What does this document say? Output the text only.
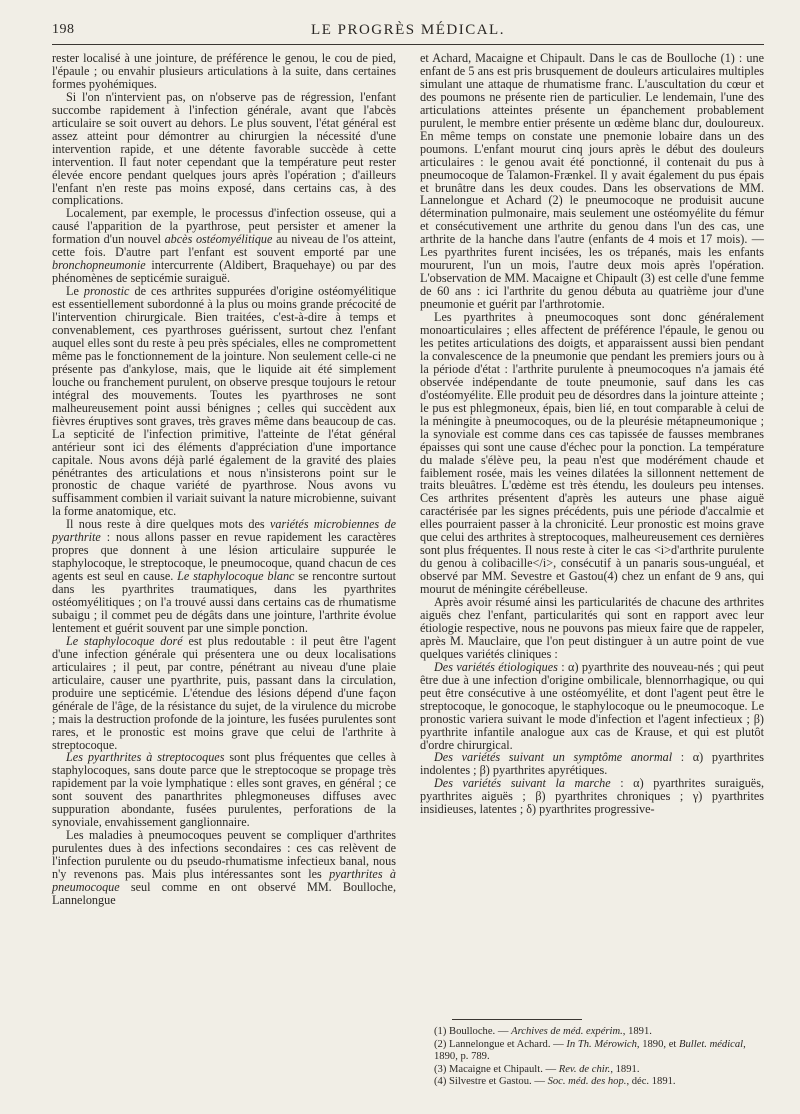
198	LE PROGRÈS MÉDICAL.

rester localisé à une jointure, de préférence le genou, le cou de pied, l'épaule ; ou envahir plusieurs articulations à la suite, dans certaines formes pyohémiques.

Si l'on n'intervient pas, on n'observe pas de régression, l'enfant succombe rapidement à l'infection générale, avant que l'abcès articulaire se soit ouvert au dehors. Le plus souvent, l'état général est assez atteint pour démontrer au chirurgien la nécessité d'une intervention rapide, et une détente favorable succède à cette intervention. Il faut noter cependant que la température peut rester élevée encore pendant quelques jours après l'opération ; d'ailleurs l'enfant n'en reste pas moins exposé, dans certains cas, à des complications.

Localement, par exemple, le processus d'infection osseuse, qui a causé l'apparition de la pyarthrose, peut persister et amener la formation d'un nouvel abcès ostéomyélitique au niveau de l'os atteint, cette fois. D'autre part l'enfant est souvent emporté par une bronchopneumonie intercurrente (Aldibert, Braquehaye) ou par des phénomènes de septicémie suraiguë.

Le pronostic de ces arthrites suppurées d'origine ostéomyélitique est essentiellement subordonné à la plus ou moins grande précocité de l'intervention chirurgicale. Bien traitées, c'est-à-dire à temps et convenablement, ces pyarthroses guérissent, surtout chez l'enfant auquel elles sont du reste à peu près spéciales, elles ne compromettent même pas le fonctionnement de la jointure. Non seulement celle-ci ne présente pas d'ankylose, mais, que le liquide ait été simplement louche ou franchement purulent, on observe presque toujours le retour intégral des mouvements. Toutes les pyarthroses ne sont malheureusement point aussi bénignes ; celles qui succèdent aux fièvres éruptives sont graves, très graves même dans beaucoup de cas. La septicité de l'infection primitive, l'atteinte de l'état général antérieur sont ici des éléments d'appréciation d'une importance capitale. Nous avons déjà parlé également de la gravité des plaies pénétrantes des articulations et nous n'insisterons point sur le pronostic de chaque variété de pyarthrose. Nous avons vu suffisamment combien il variait suivant la nature microbienne, suivant la forme anatomique, etc.

Il nous reste à dire quelques mots des variétés microbiennes de pyarthrite : nous allons passer en revue rapidement les caractères propres que donnent à une lésion articulaire suppurée le staphylocoque, le streptocoque, le pneumocoque, quand chacun de ces agents est seul en cause. Le staphylocoque blanc se rencontre surtout dans les pyarthrites traumatiques, dans les pyarthrites ostéomyélitiques ; on l'a trouvé aussi dans certains cas de rhumatisme subaigu ; il commet peu de dégâts dans une jointure, l'arthrite évolue lentement et guérit souvent par une simple ponction.

Le staphylocoque doré est plus redoutable : il peut être l'agent d'une infection générale qui présentera une ou deux localisations articulaires ; il peut, par contre, pénétrant au niveau d'une plaie articulaire, causer une pyarthrite, puis, passant dans la circulation, produire une septicémie. L'étendue des lésions dépend d'une façon générale de l'âge, de la résistance du sujet, de la virulence du microbe ; mais la destruction profonde de la jointure, les fusées purulentes sont rares, et le pronostic est moins grave que celui de l'arthrite à streptocoque.

Les pyarthrites à streptocoques sont plus fréquentes que celles à staphylocoques, sans doute parce que le streptocoque se propage très rapidement par la voie lymphatique : elles sont graves, en général ; ce sont souvent des panarthrites phlegmoneuses diffuses avec suppuration abondante, fusées purulentes, perforations de la synoviale, envahissement ganglionnaire.

Les maladies à pneumocoques peuvent se compliquer d'arthrites purulentes dues à des infections secondaires : ces cas relèvent de l'infection purulente ou du pseudo-rhumatisme infectieux banal, nous n'y revenons pas. Mais plus intéressantes sont les pyarthrites à pneumocoque seul comme en ont observé MM. Boulloche, Lannelongue

et Achard, Macaigne et Chipault. Dans le cas de Boulloche (1) : une enfant de 5 ans est pris brusquement de douleurs articulaires multiples simulant une attaque de rhumatisme franc. L'auscultation du cœur et des poumons ne présente rien de particulier. Le lendemain, l'une des articulations atteintes présente un épanchement probablement purulent, le membre entier présente un œdème blanc dur, douloureux. En même temps on constate une pnemonie lobaire dans un des poumons. L'enfant mourut cinq jours après le début des douleurs articulaires : le genou avait été ponctionné, il contenait du pus à pneumocoque de Talamon-Frænkel. Il y avait également du pus épais et brunâtre dans les deux coudes. Dans les observations de MM. Lannelongue et Achard (2) le pneumocoque ne produisit aucune détermination pulmonaire, mais seulement une ostéomyélite du fémur et consécutivement une arthrite du genou dans l'un des cas, une arthrite de la hanche dans l'autre (enfants de 4 mois et 17 mois). — Les pyarthrites furent incisées, les os trépanés, mais les enfants moururent, l'un un mois, l'autre deux mois après l'opération. L'observation de MM. Macaigne et Chipault (3) est celle d'une femme de 60 ans : ici l'arthrite du genou débuta au quatrième jour d'une pneumonie et guérit par l'arthrotomie.

Les pyarthrites à pneumocoques sont donc généralement monoarticulaires ; elles affectent de préférence l'épaule, le genou ou les petites articulations des doigts, et apparaissent aussi bien pendant la convalescence de la pneumonie que pendant les premiers jours ou à la période d'état : l'arthrite purulente à pneumocoques n'a jamais été observée indépendante de toute pneumonie, sauf dans les cas d'ostéomyélite. Elle produit peu de désordres dans la jointure atteinte ; le pus est phlegmoneux, épais, bien lié, en tout comparable à celui de la méningite à pneumocoques, ou de la pleurésie métapneumonique ; la synoviale est comme dans ces cas tapissée de fausses membranes épaisses qui sont une cause d'échec pour la ponction. La température du malade s'élève peu, la peau n'est que modérément chaude et faiblement rosée, mais les veines dilatées la sillonnent nettement de traits bleuâtres. L'œdème est très étendu, les douleurs peu intenses. Ces arthrites présentent d'après les auteurs une phase aiguë caractérisée par les signes précédents, puis une période d'accalmie et elles pourraient passer à la chronicité. Leur pronostic est moins grave que celui des arthrites à streptocoques, malheureusement ces dernières sont plus fréquentes. Il nous reste à citer le cas <i>d'arthrite purulente du genou à colibacille</i>, consécutif à un panaris sous-unguéal, et observé par MM. Sevestre et Gastou(4) chez un enfant de 9 ans, qui mourut de méningite cérébelleuse.

Après avoir résumé ainsi les particularités de chacune des arthrites aiguës chez l'enfant, particularités qui sont en rapport avec leur étiologie respective, nous ne pouvons pas mieux faire que de rappeler, après M. Mauclaire, que l'on peut distinguer à un autre point de vue quelques variétés cliniques :

Des variétés étiologiques : α) pyarthrite des nouveau-nés ; qui peut être due à une infection d'origine ombilicale, blennorrhagique, ou qui peut être consécutive à une ostéomyélite, et dont l'agent peut être le streptocoque, le gonocoque, le staphylocoque ou le pneumocoque. Le pronostic variera suivant le mode d'infection et l'agent infectieux ; β) pyarthrite infantile analogue aux cas de Krause, et qui est plutôt d'ordre chirurgical.

Des variétés suivant un symptôme anormal : α) pyarthrites indolentes ; β) pyarthrites apyrétiques.

Des variétés suivant la marche : α) pyarthrites suraiguës, pyarthrites aiguës ; β) pyarthrites chroniques ; γ) pyarthrites insidieuses, latentes ; δ) pyarthrites progressive-

(1) Boulloche. — Archives de méd. expérim., 1891.

(2) Lannelongue et Achard. — In Th. Mérowich, 1890, et Bullet. médical, 1890, p. 789.

(3) Macaigne et Chipault. — Rev. de chir., 1891.

(4) Silvestre et Gastou. — Soc. méd. des hop., déc. 1891.
